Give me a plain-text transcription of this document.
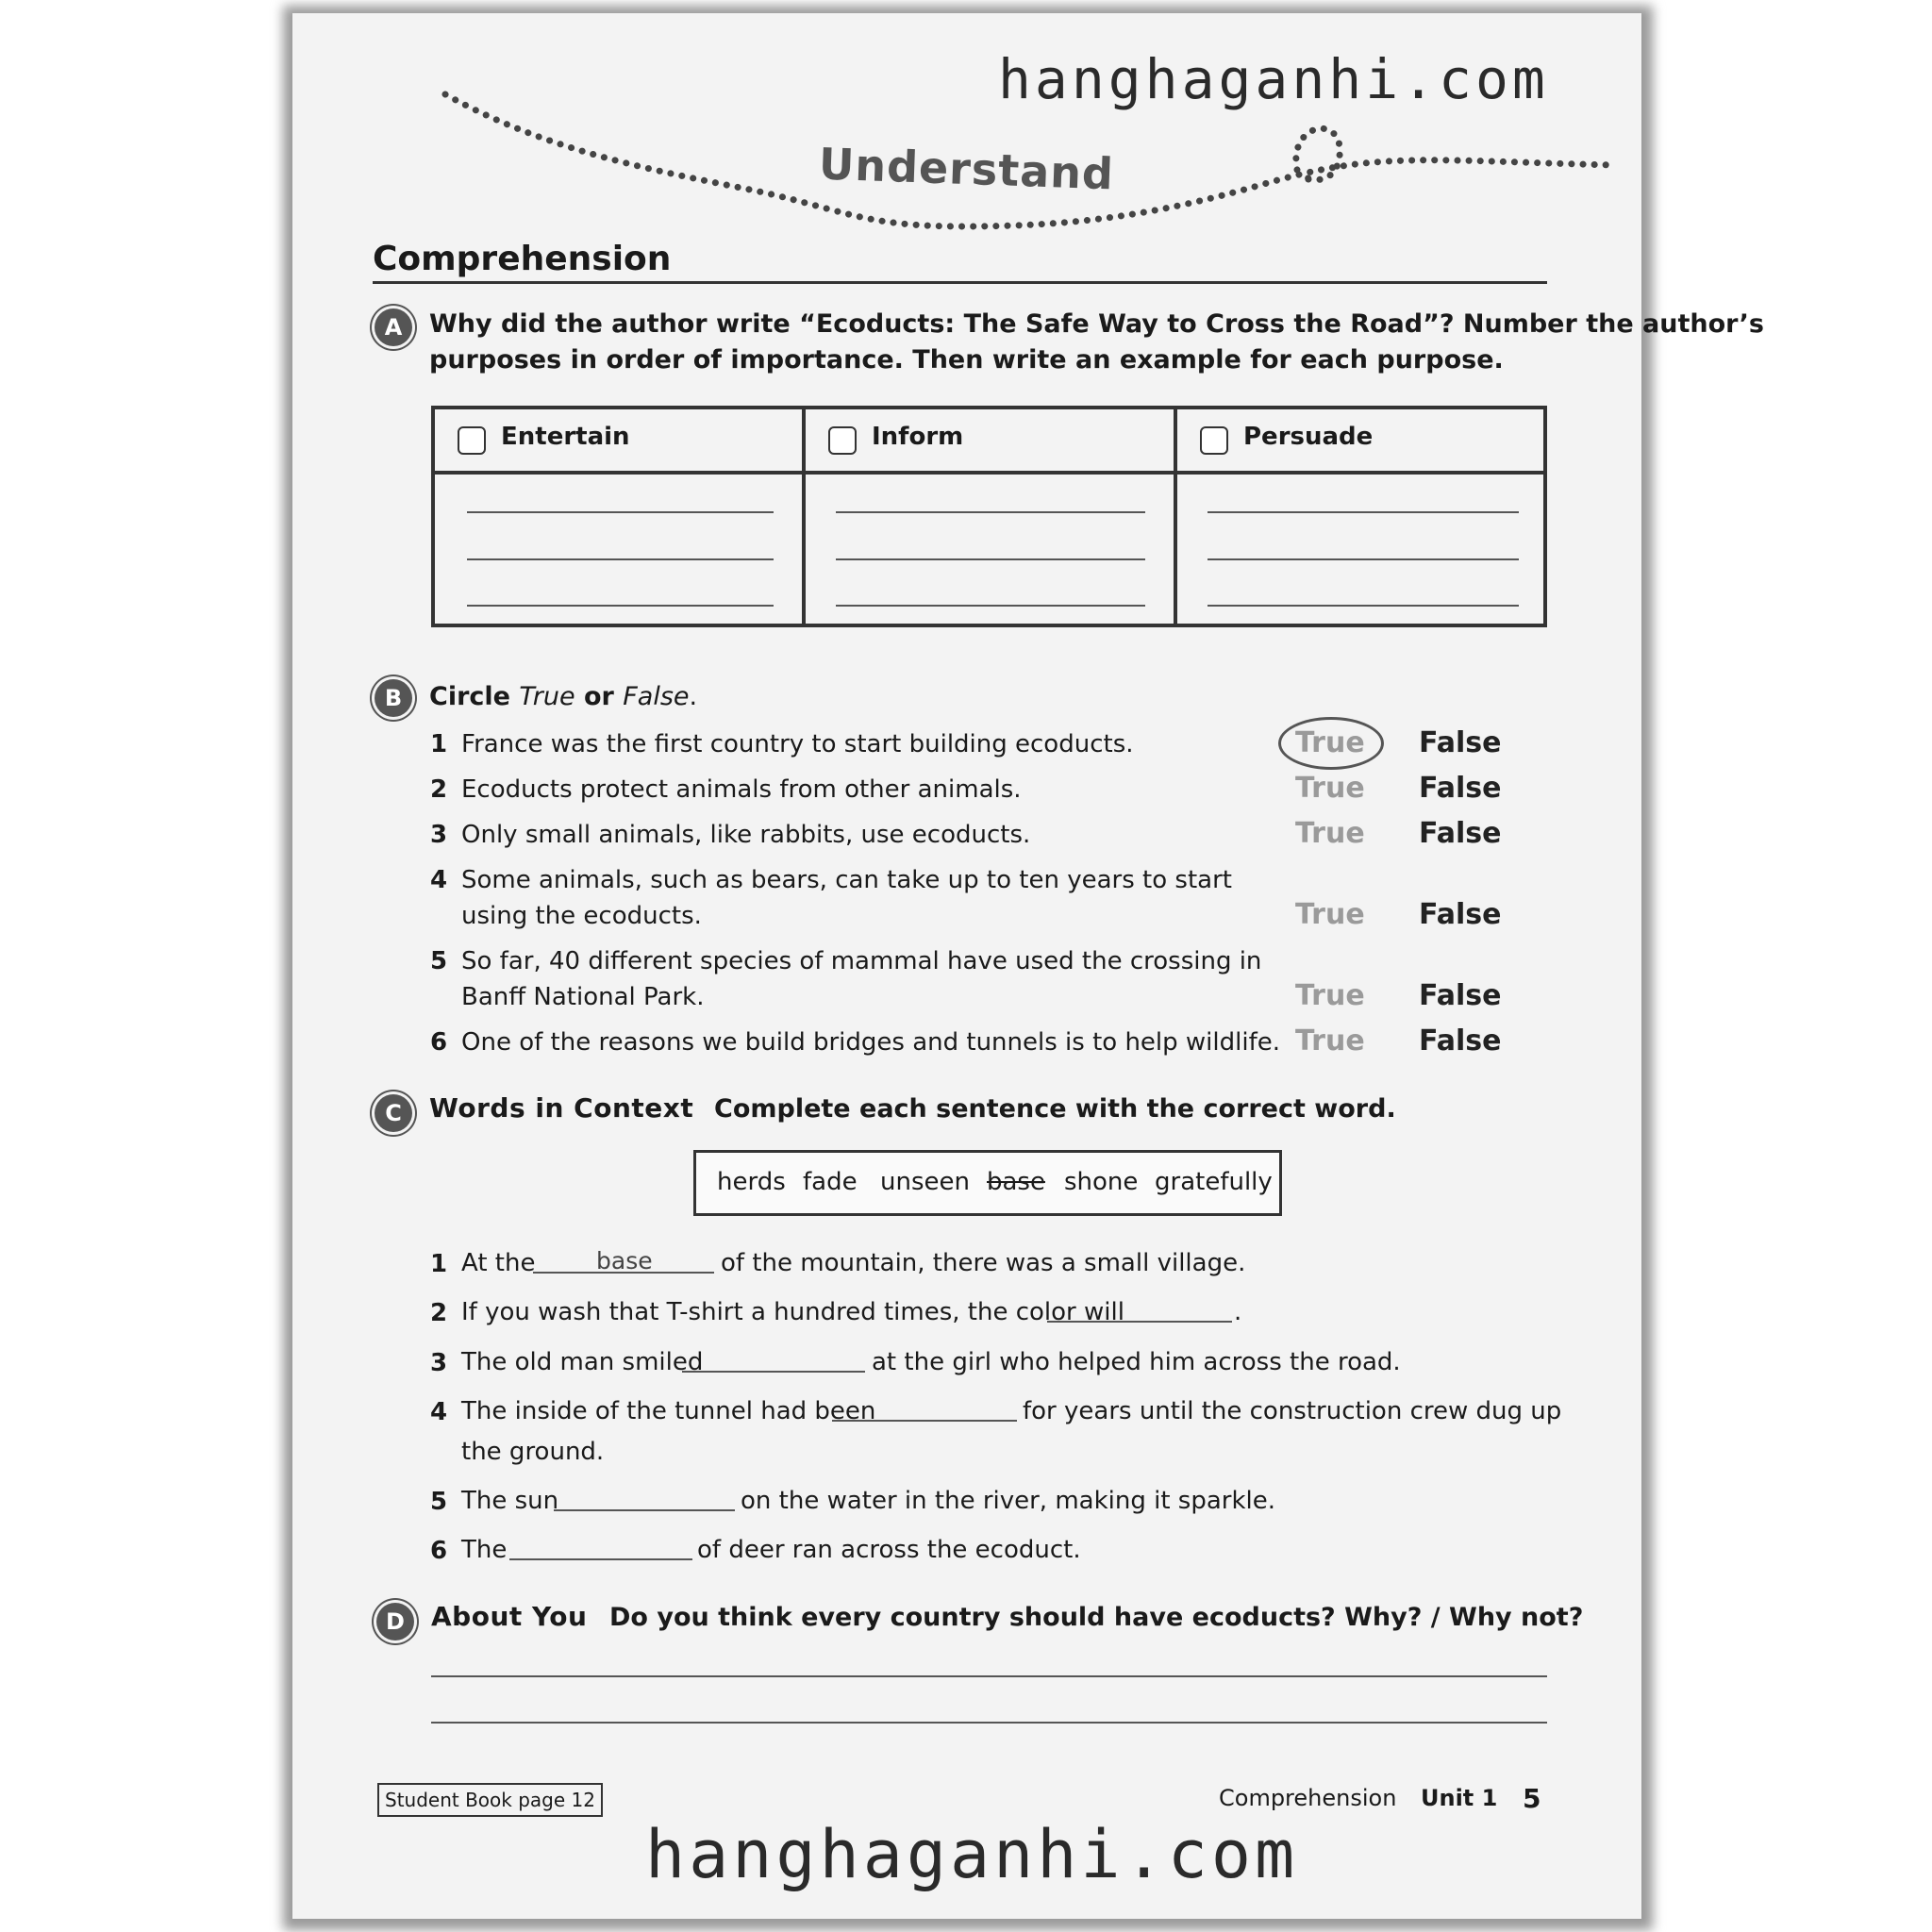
hanghaganhi.com
Understand
Comprehension
A	Why did the author write “Ecoducts: The Safe Way to Cross the Road”? Number the author’s
purposes in order of importance. Then write an example for each purpose.
Entertain	Inform	Persuade
B	Circle True or False.
1 France was the first country to start building ecoducts.	True False
2 Ecoducts protect animals from other animals.	True False
3 Only small animals, like rabbits, use ecoducts.	True False
4 Some animals, such as bears, can take up to ten years to start
using the ecoducts.	True False
5 So far, 40 different species of mammal have used the crossing in
Banff National Park.	True False
6 One of the reasons we build bridges and tunnels is to help wildlife. True False
C	Words in Context Complete each sentence with the correct word.
herds fade unseen base shone gratefully
1 At the	base	of the mountain, there was a small village.
2 If you wash that T-shirt a hundred times, the color will	.
3 The old man smiled	at the girl who helped him across the road.
4 The inside of the tunnel had been	for years until the construction crew dug up
the ground.
5 The sun	on the water in the river, making it sparkle.
6 The	of deer ran across the ecoduct.
D	About You Do you think every country should have ecoducts? Why? / Why not?
Student Book page 12	Comprehension Unit 1 5
hanghaganhi.com
